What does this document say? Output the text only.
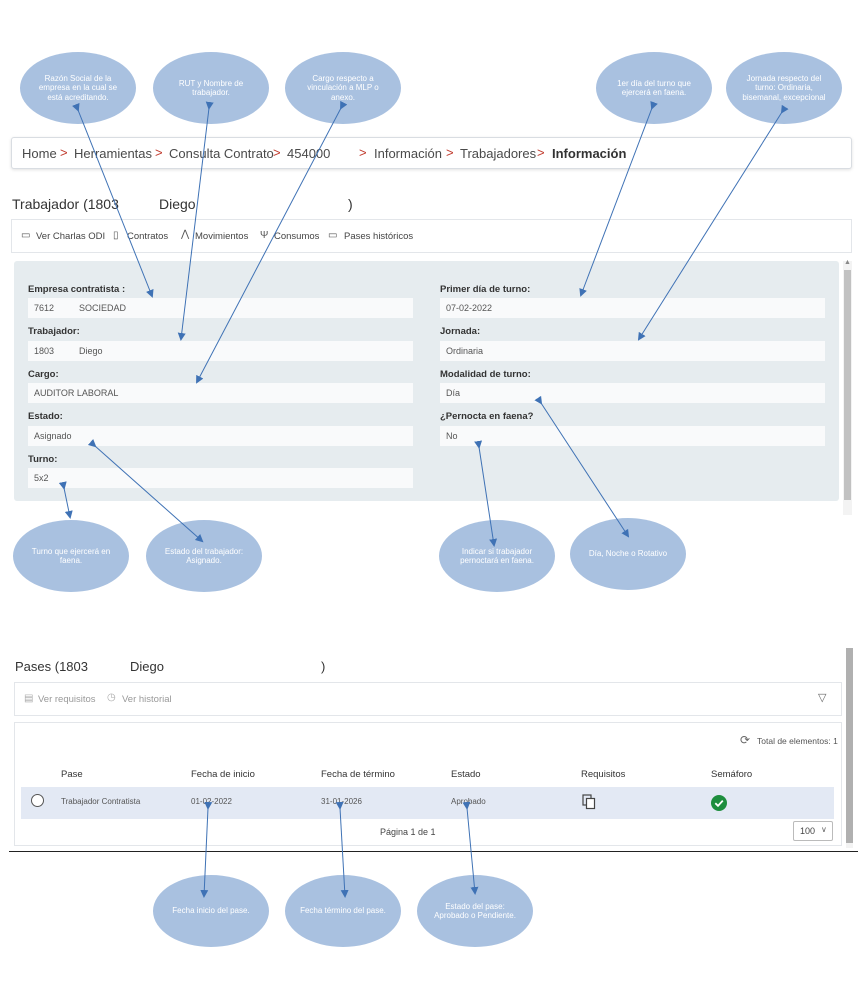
Razón Social de la empresa en la cual se está acreditando.
RUT y Nombre de trabajador.
Cargo respecto a vinculación a MLP o anexo.
1er día del turno que ejercerá en faena.
Jornada respecto del turno: Ordinaria, bisemanal, excepcional
Home > Herramientas > Consulta Contrato > 454000 > Información > Trabajadores > Información
Trabajador (1803	Diego	)
▭ Ver Charlas ODI ▯ Contratos ⋀ Movimientos Ψ Consumos ▭ Pases históricos
Empresa contratista :
7612          SOCIEDAD
Trabajador:
1803          Diego
Cargo:
AUDITOR LABORAL
Estado:
Asignado
Turno:
5x2
Primer día de turno:
07-02-2022
Jornada:
Ordinaria
Modalidad de turno:
Día
¿Pernocta en faena?
No
▲
Turno que ejercerá en faena.
Estado del trabajador: Asignado.
Indicar si trabajador pernoctará en faena.
Día, Noche o Rotativo
Pases (1803	Diego	)
▤ Ver requisitos ◷ Ver historial	▽
⟳ Total de elementos: 1
Pase	Fecha de inicio	Fecha de término	Estado	Requisitos	Semáforo
Trabajador Contratista	01-02-2022	31-01-2026	Aprobado
Página 1 de 1	100 ∨
Fecha inicio del pase.	Fecha término del pase.
Estado del pase: Aprobado o Pendiente.
